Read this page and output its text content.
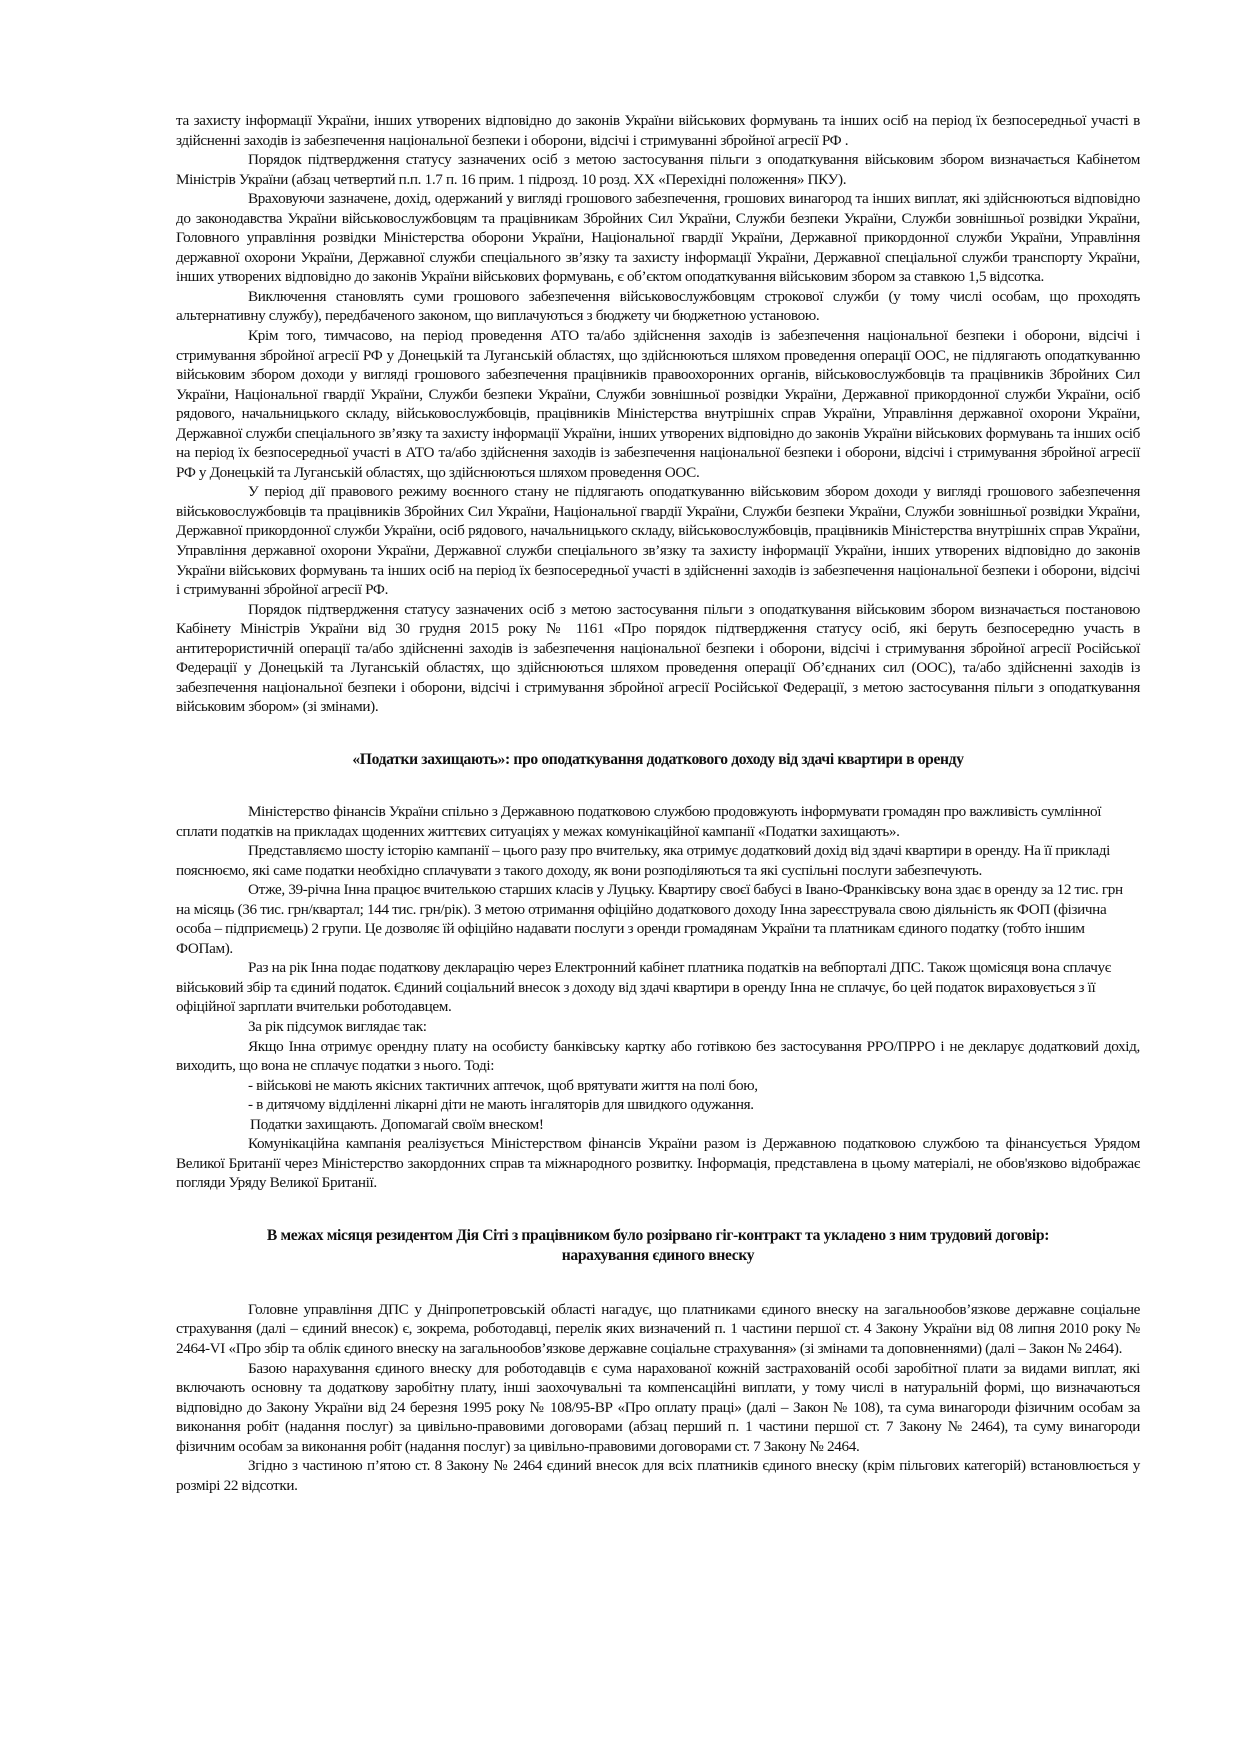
та захисту інформації України, інших утворених відповідно до законів України військових формувань та інших осіб на період їх безпосередньої участі в здійсненні заходів із забезпечення національної безпеки і оборони, відсічі і стримуванні збройної агресії РФ .

Порядок підтвердження статусу зазначених осіб з метою застосування пільги з оподаткування військовим збором визначається Кабінетом Міністрів України (абзац четвертий п.п. 1.7 п. 16 прим. 1 підрозд. 10 розд. XX «Перехідні положення» ПКУ).

Враховуючи зазначене, дохід, одержаний у вигляді грошового забезпечення, грошових винагород та інших виплат, які здійснюються відповідно до законодавства України військовослужбовцям та працівникам Збройних Сил України, Служби безпеки України, Служби зовнішньої розвідки України, Головного управління розвідки Міністерства оборони України, Національної гвардії України, Державної прикордонної служби України, Управління державної охорони України, Державної служби спеціального зв’язку та захисту інформації України, Державної спеціальної служби транспорту України, інших утворених відповідно до законів України військових формувань, є об’єктом оподаткування військовим збором за ставкою 1,5 відсотка.

Виключення становлять суми грошового забезпечення військовослужбовцям строкової служби (у тому числі особам, що проходять альтернативну службу), передбаченого законом, що виплачуються з бюджету чи бюджетною установою.

Крім того, тимчасово, на період проведення АТО та/або здійснення заходів із забезпечення національної безпеки і оборони, відсічі і стримування збройної агресії РФ у Донецькій та Луганській областях, що здійснюються шляхом проведення операції ООС, не підлягають оподаткуванню військовим збором доходи у вигляді грошового забезпечення працівників правоохоронних органів, військовослужбовців та працівників Збройних Сил України, Національної гвардії України, Служби безпеки України, Служби зовнішньої розвідки України, Державної прикордонної служби України, осіб рядового, начальницького складу, військовослужбовців, працівників Міністерства внутрішніх справ України, Управління державної охорони України, Державної служби спеціального зв’язку та захисту інформації України, інших утворених відповідно до законів України військових формувань та інших осіб на період їх безпосередньої участі в АТО та/або здійснення заходів із забезпечення національної безпеки і оборони, відсічі і стримування збройної агресії РФ у Донецькій та Луганській областях, що здійснюються шляхом проведення ООС.

У період дії правового режиму воєнного стану не підлягають оподаткуванню військовим збором доходи у вигляді грошового забезпечення військовослужбовців та працівників Збройних Сил України, Національної гвардії України, Служби безпеки України, Служби зовнішньої розвідки України, Державної прикордонної служби України, осіб рядового, начальницького складу, військовослужбовців, працівників Міністерства внутрішніх справ України, Управління державної охорони України, Державної служби спеціального зв’язку та захисту інформації України, інших утворених відповідно до законів України військових формувань та інших осіб на період їх безпосередньої участі в здійсненні заходів із забезпечення національної безпеки і оборони, відсічі і стримуванні збройної агресії РФ.

Порядок підтвердження статусу зазначених осіб з метою застосування пільги з оподаткування військовим збором визначається постановою Кабінету Міністрів України від 30 грудня 2015 року № 1161 «Про порядок підтвердження статусу осіб, які беруть безпосередню участь в антитерористичній операції та/або здійсненні заходів із забезпечення національної безпеки і оборони, відсічі і стримування збройної агресії Російської Федерації у Донецькій та Луганській областях, що здійснюються шляхом проведення операції Об’єднаних сил (ООС), та/або здійсненні заходів із забезпечення національної безпеки і оборони, відсічі і стримування збройної агресії Російської Федерації, з метою застосування пільги з оподаткування військовим збором» (зі змінами).

«Податки захищають»: про оподаткування додаткового доходу від здачі квартири в оренду

Міністерство фінансів України спільно з Державною податковою службою продовжують інформувати громадян про важливість сумлінної сплати податків на прикладах щоденних життєвих ситуаціях у межах комунікаційної кампанії «Податки захищають».

Представляємо шосту історію кампанії – цього разу про вчительку, яка отримує додатковий дохід від здачі квартири в оренду. На її прикладі пояснюємо, які саме податки необхідно сплачувати з такого доходу, як вони розподіляються та які суспільні послуги забезпечують.

Отже, 39-річна Інна працює вчителькою старших класів у Луцьку. Квартиру своєї бабусі в Івано-Франківську вона здає в оренду за 12 тис. грн на місяць (36 тис. грн/квартал; 144 тис. грн/рік). З метою отримання офіційно додаткового доходу Інна зареєструвала свою діяльність як ФОП (фізична особа – підприємець) 2 групи. Це дозволяє їй офіційно надавати послуги з оренди громадянам України та платникам єдиного податку (тобто іншим ФОПам).

Раз на рік Інна подає податкову декларацію через Електронний кабінет платника податків на вебпорталі ДПС. Також щомісяця вона сплачує військовий збір та єдиний податок. Єдиний соціальний внесок з доходу від здачі квартири в оренду Інна не сплачує, бо цей податок вираховується з її офіційної зарплати вчительки роботодавцем.

За рік підсумок виглядає так:

Якщо Інна отримує орендну плату на особисту банківську картку або готівкою без застосування РРО/ПРРО і не декларує додатковий дохід, виходить, що вона не сплачує податки з нього. Тоді:

- військові не мають якісних тактичних аптечок, щоб врятувати життя на полі бою,

- в дитячому відділенні лікарні діти не мають інгаляторів для швидкого одужання.

Податки захищають. Допомагай своїм внеском!

Комунікаційна кампанія реалізується Міністерством фінансів України разом із Державною податковою службою та фінансується Урядом Великої Британії через Міністерство закордонних справ та міжнародного розвитку. Інформація, представлена в цьому матеріалі, не обов'язково відображає погляди Уряду Великої Британії.

В межах місяця резидентом Дія Сіті з працівником було розірвано гіг-контракт та укладено з ним трудовий договір:
нарахування єдиного внеску

Головне управління ДПС у Дніпропетровській області нагадує, що платниками єдиного внеску на загальнообов’язкове державне соціальне страхування (далі – єдиний внесок) є, зокрема, роботодавці, перелік яких визначений п. 1 частини першої ст. 4 Закону України від 08 липня 2010 року № 2464-VI «Про збір та облік єдиного внеску на загальнообов’язкове державне соціальне страхування» (зі змінами та доповненнями) (далі – Закон № 2464).

Базою нарахування єдиного внеску для роботодавців є сума нарахованої кожній застрахованій особі заробітної плати за видами виплат, які включають основну та додаткову заробітну плату, інші заохочувальні та компенсаційні виплати, у тому числі в натуральній формі, що визначаються відповідно до Закону України від 24 березня 1995 року № 108/95-ВР «Про оплату праці» (далі – Закон № 108), та сума винагороди фізичним особам за виконання робіт (надання послуг) за цивільно-правовими договорами (абзац перший п. 1 частини першої ст. 7 Закону № 2464), та суму винагороди фізичним особам за виконання робіт (надання послуг) за цивільно-правовими договорами ст. 7 Закону № 2464.

Згідно з частиною п’ятою ст. 8 Закону № 2464 єдиний внесок для всіх платників єдиного внеску (крім пільгових категорій) встановлюється у розмірі 22 відсотки.
